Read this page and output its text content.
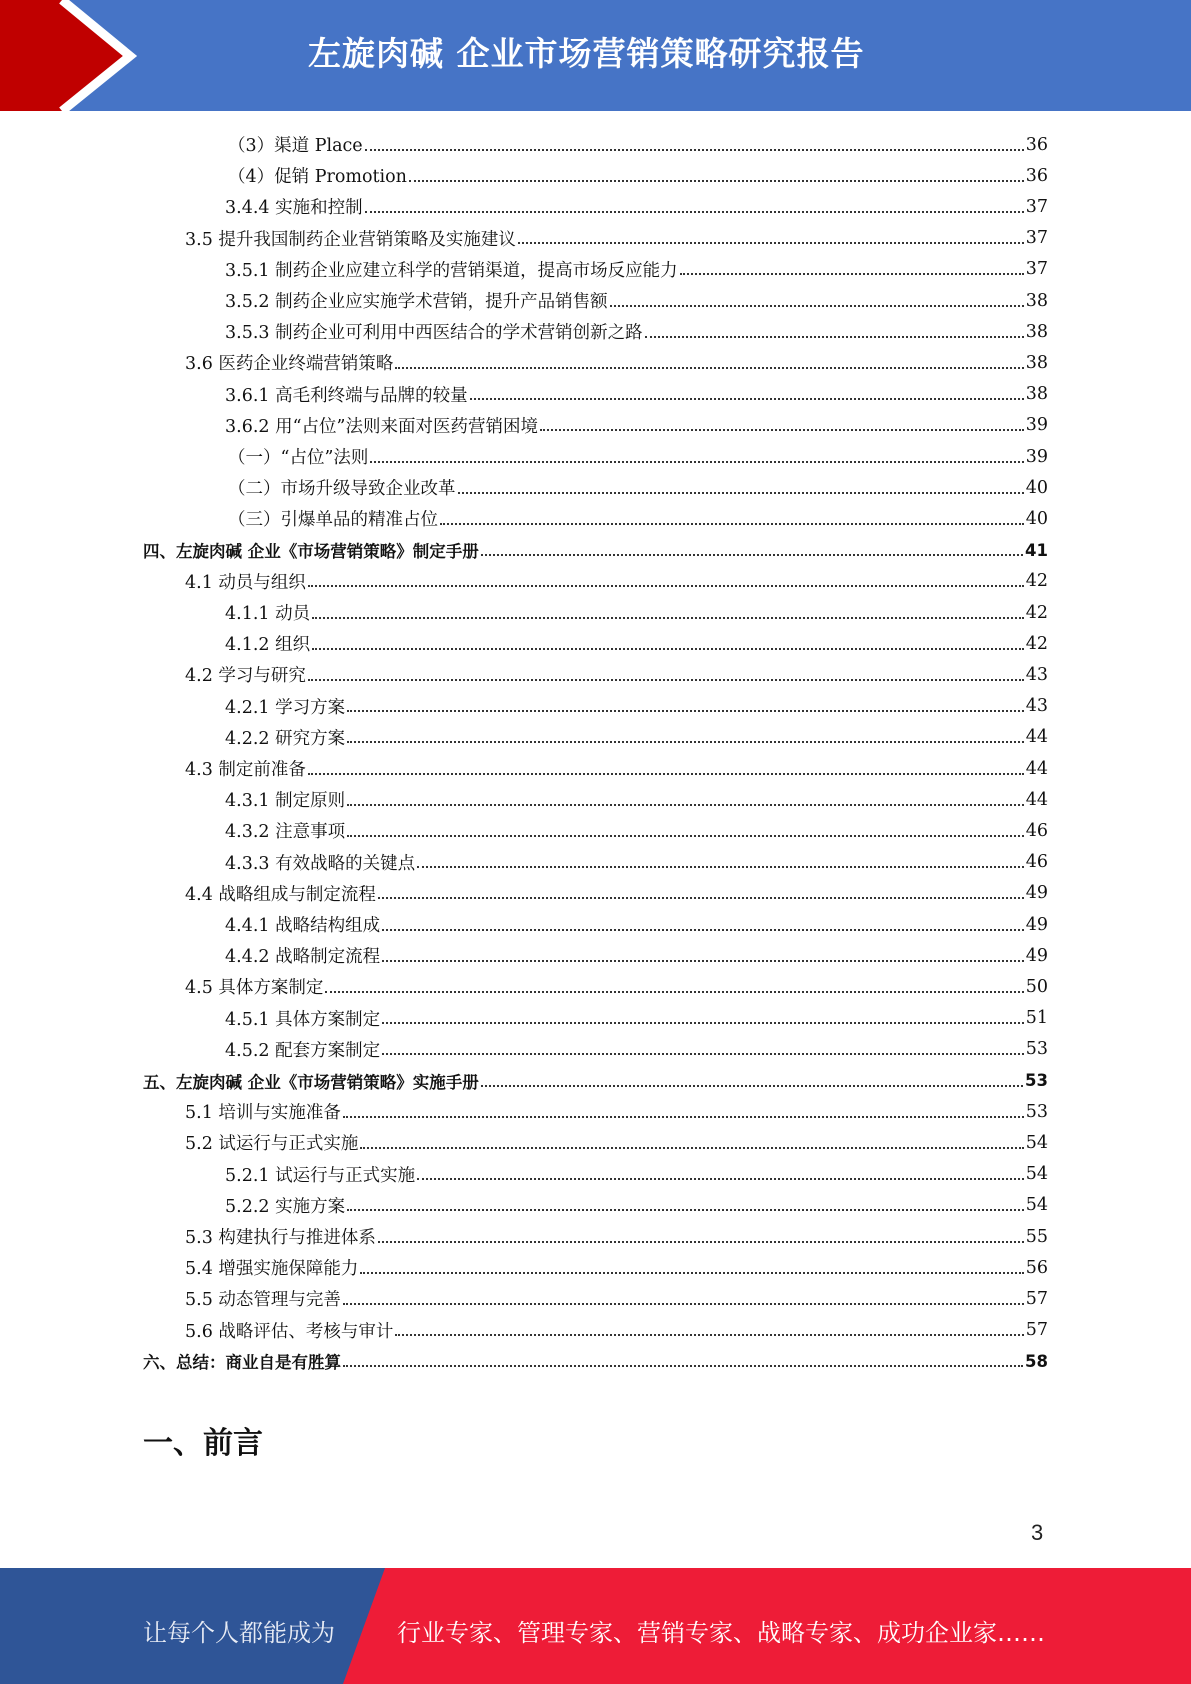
左旋肉碱 企业市场营销策略研究报告
（3）渠道 Place	36
（4）促销 Promotion	36
3.4.4 实施和控制	37
3.5 提升我国制药企业营销策略及实施建议	37
3.5.1 制药企业应建立科学的营销渠道，提高市场反应能力	37
3.5.2 制药企业应实施学术营销，提升产品销售额	38
3.5.3 制药企业可利用中西医结合的学术营销创新之路	38
3.6 医药企业终端营销策略	38
3.6.1 高毛利终端与品牌的较量	38
3.6.2 用“占位”法则来面对医药营销困境	39
（一）“占位”法则	39
（二）市场升级导致企业改革	40
（三）引爆单品的精准占位	40
四、左旋肉碱 企业《市场营销策略》制定手册	41
4.1 动员与组织	42
4.1.1 动员	42
4.1.2 组织	42
4.2 学习与研究	43
4.2.1 学习方案	43
4.2.2 研究方案	44
4.3 制定前准备	44
4.3.1 制定原则	44
4.3.2 注意事项	46
4.3.3 有效战略的关键点	46
4.4 战略组成与制定流程	49
4.4.1 战略结构组成	49
4.4.2 战略制定流程	49
4.5 具体方案制定	50
4.5.1 具体方案制定	51
4.5.2 配套方案制定	53
五、左旋肉碱 企业《市场营销策略》实施手册	53
5.1 培训与实施准备	53
5.2 试运行与正式实施	54
5.2.1 试运行与正式实施	54
5.2.2 实施方案	54
5.3 构建执行与推进体系	55
5.4 增强实施保障能力	56
5.5 动态管理与完善	57
5.6 战略评估、考核与审计	57
六、总结：商业自是有胜算	58
一、前言
3
让每个人都能成为	行业专家、管理专家、营销专家、战略专家、成功企业家……
